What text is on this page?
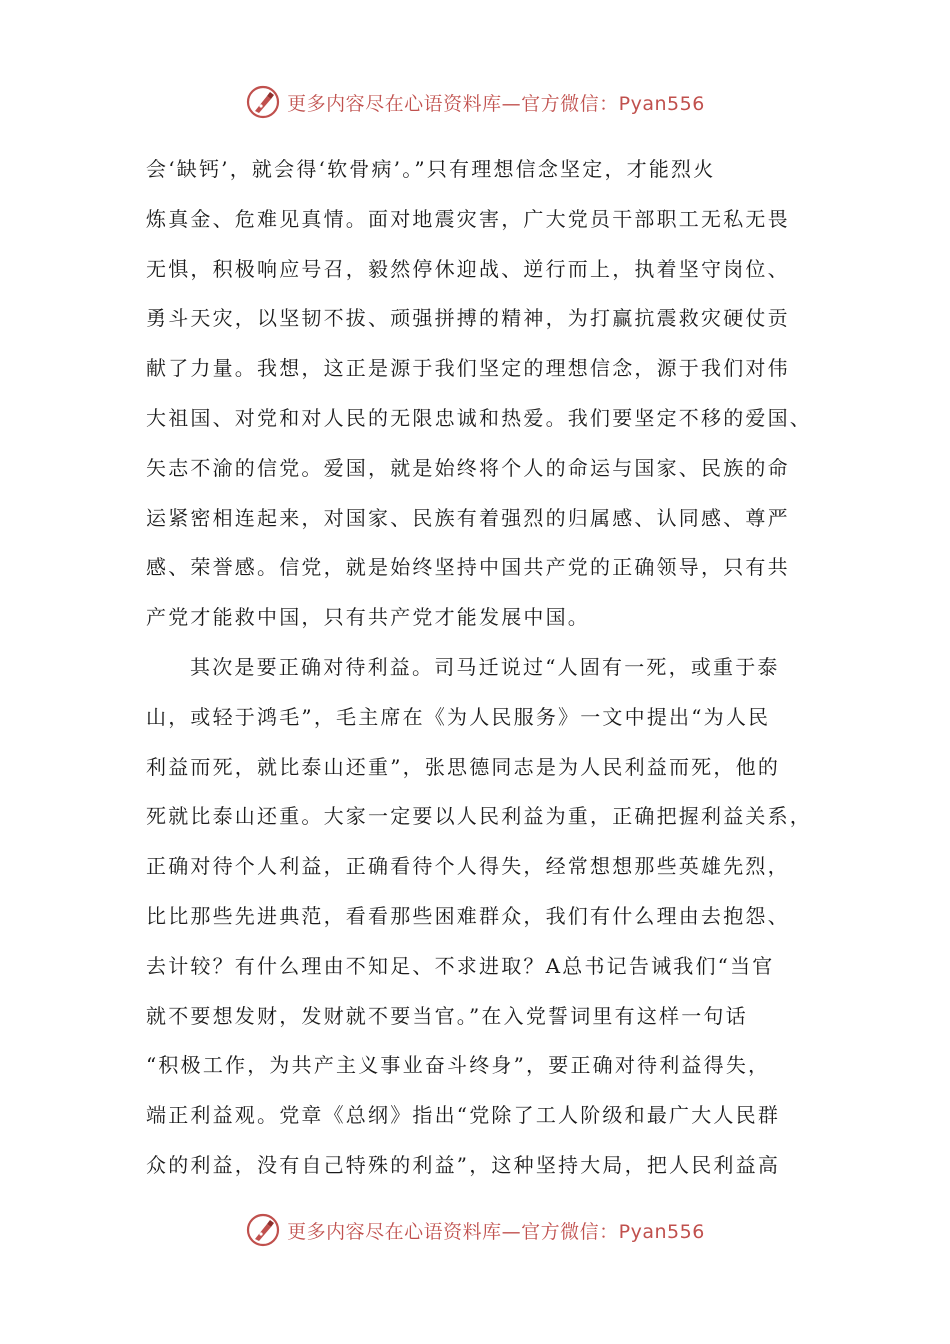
更多内容尽在心语资料库—官方微信：Pyan556
会‘缺钙’，就会得‘软骨病’。”只有理想信念坚定，才能烈火
炼真金、危难见真情。面对地震灾害，广大党员干部职工无私无畏
无惧，积极响应号召，毅然停休迎战、逆行而上，执着坚守岗位、
勇斗天灾，以坚韧不拔、顽强拼搏的精神，为打赢抗震救灾硬仗贡
献了力量。我想，这正是源于我们坚定的理想信念，源于我们对伟
大祖国、对党和对人民的无限忠诚和热爱。我们要坚定不移的爱国、
矢志不渝的信党。爱国，就是始终将个人的命运与国家、民族的命
运紧密相连起来，对国家、民族有着强烈的归属感、认同感、尊严
感、荣誉感。信党，就是始终坚持中国共产党的正确领导，只有共
产党才能救中国，只有共产党才能发展中国。
其次是要正确对待利益。司马迁说过“人固有一死，或重于泰
山，或轻于鸿毛”，毛主席在《为人民服务》一文中提出“为人民
利益而死，就比泰山还重”，张思德同志是为人民利益而死，他的
死就比泰山还重。大家一定要以人民利益为重，正确把握利益关系，
正确对待个人利益，正确看待个人得失，经常想想那些英雄先烈，
比比那些先进典范，看看那些困难群众，我们有什么理由去抱怨、
去计较？有什么理由不知足、不求进取？A总书记告诫我们“当官
就不要想发财，发财就不要当官。”在入党誓词里有这样一句话
“积极工作，为共产主义事业奋斗终身”，要正确对待利益得失，
端正利益观。党章《总纲》指出“党除了工人阶级和最广大人民群
众的利益，没有自己特殊的利益”，这种坚持大局，把人民利益高
更多内容尽在心语资料库—官方微信：Pyan556
